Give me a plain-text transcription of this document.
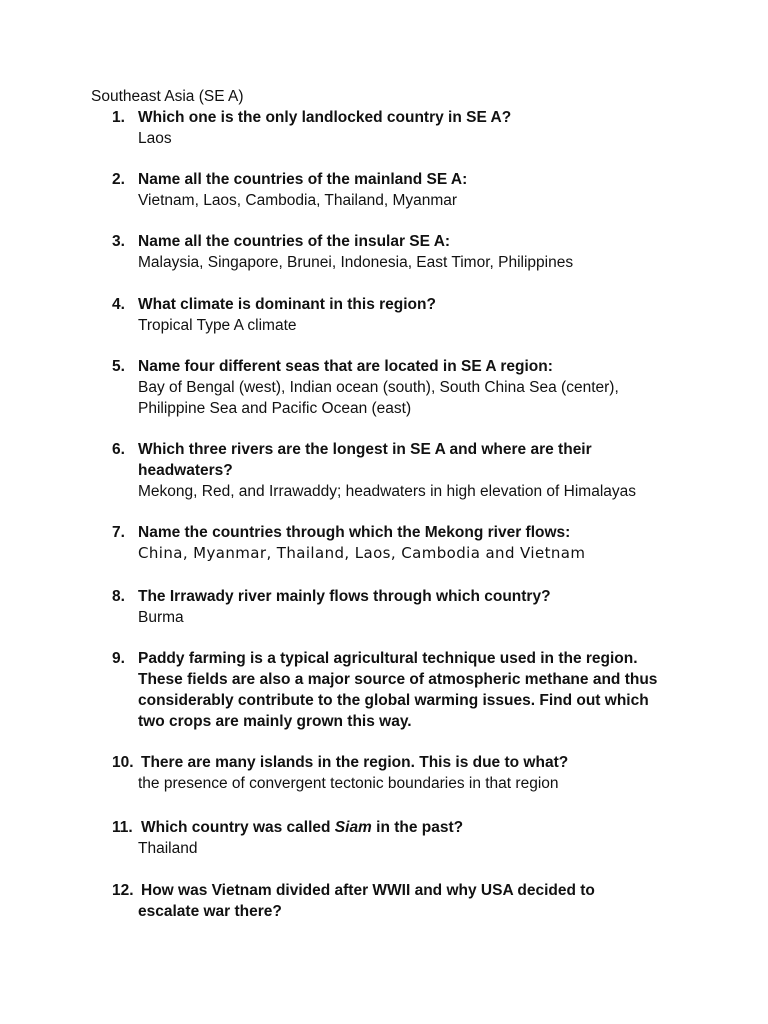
Southeast Asia (SE A)
1. Which one is the only landlocked country in SE A?
Laos
2. Name all the countries of the mainland SE A:
Vietnam, Laos, Cambodia, Thailand, Myanmar
3. Name all the countries of the insular SE A:
Malaysia, Singapore, Brunei, Indonesia, East Timor, Philippines
4. What climate is dominant in this region?
Tropical Type A climate
5. Name four different seas that are located in SE A region:
Bay of Bengal (west), Indian ocean (south), South China Sea (center),
Philippine Sea and Pacific Ocean (east)
6. Which three rivers are the longest in SE A and where are their
headwaters?
Mekong, Red, and Irrawaddy; headwaters in high elevation of Himalayas
7. Name the countries through which the Mekong river flows:
China, Myanmar, Thailand, Laos, Cambodia and Vietnam
8. The Irrawady river mainly flows through which country?
Burma
9. Paddy farming is a typical agricultural technique used in the region.
These fields are also a major source of atmospheric methane and thus
considerably contribute to the global warming issues. Find out which
two crops are mainly grown this way.
10. There are many islands in the region. This is due to what?
the presence of convergent tectonic boundaries in that region
11. Which country was called Siam in the past?
Thailand
12. How was Vietnam divided after WWII and why USA decided to
escalate war there?
